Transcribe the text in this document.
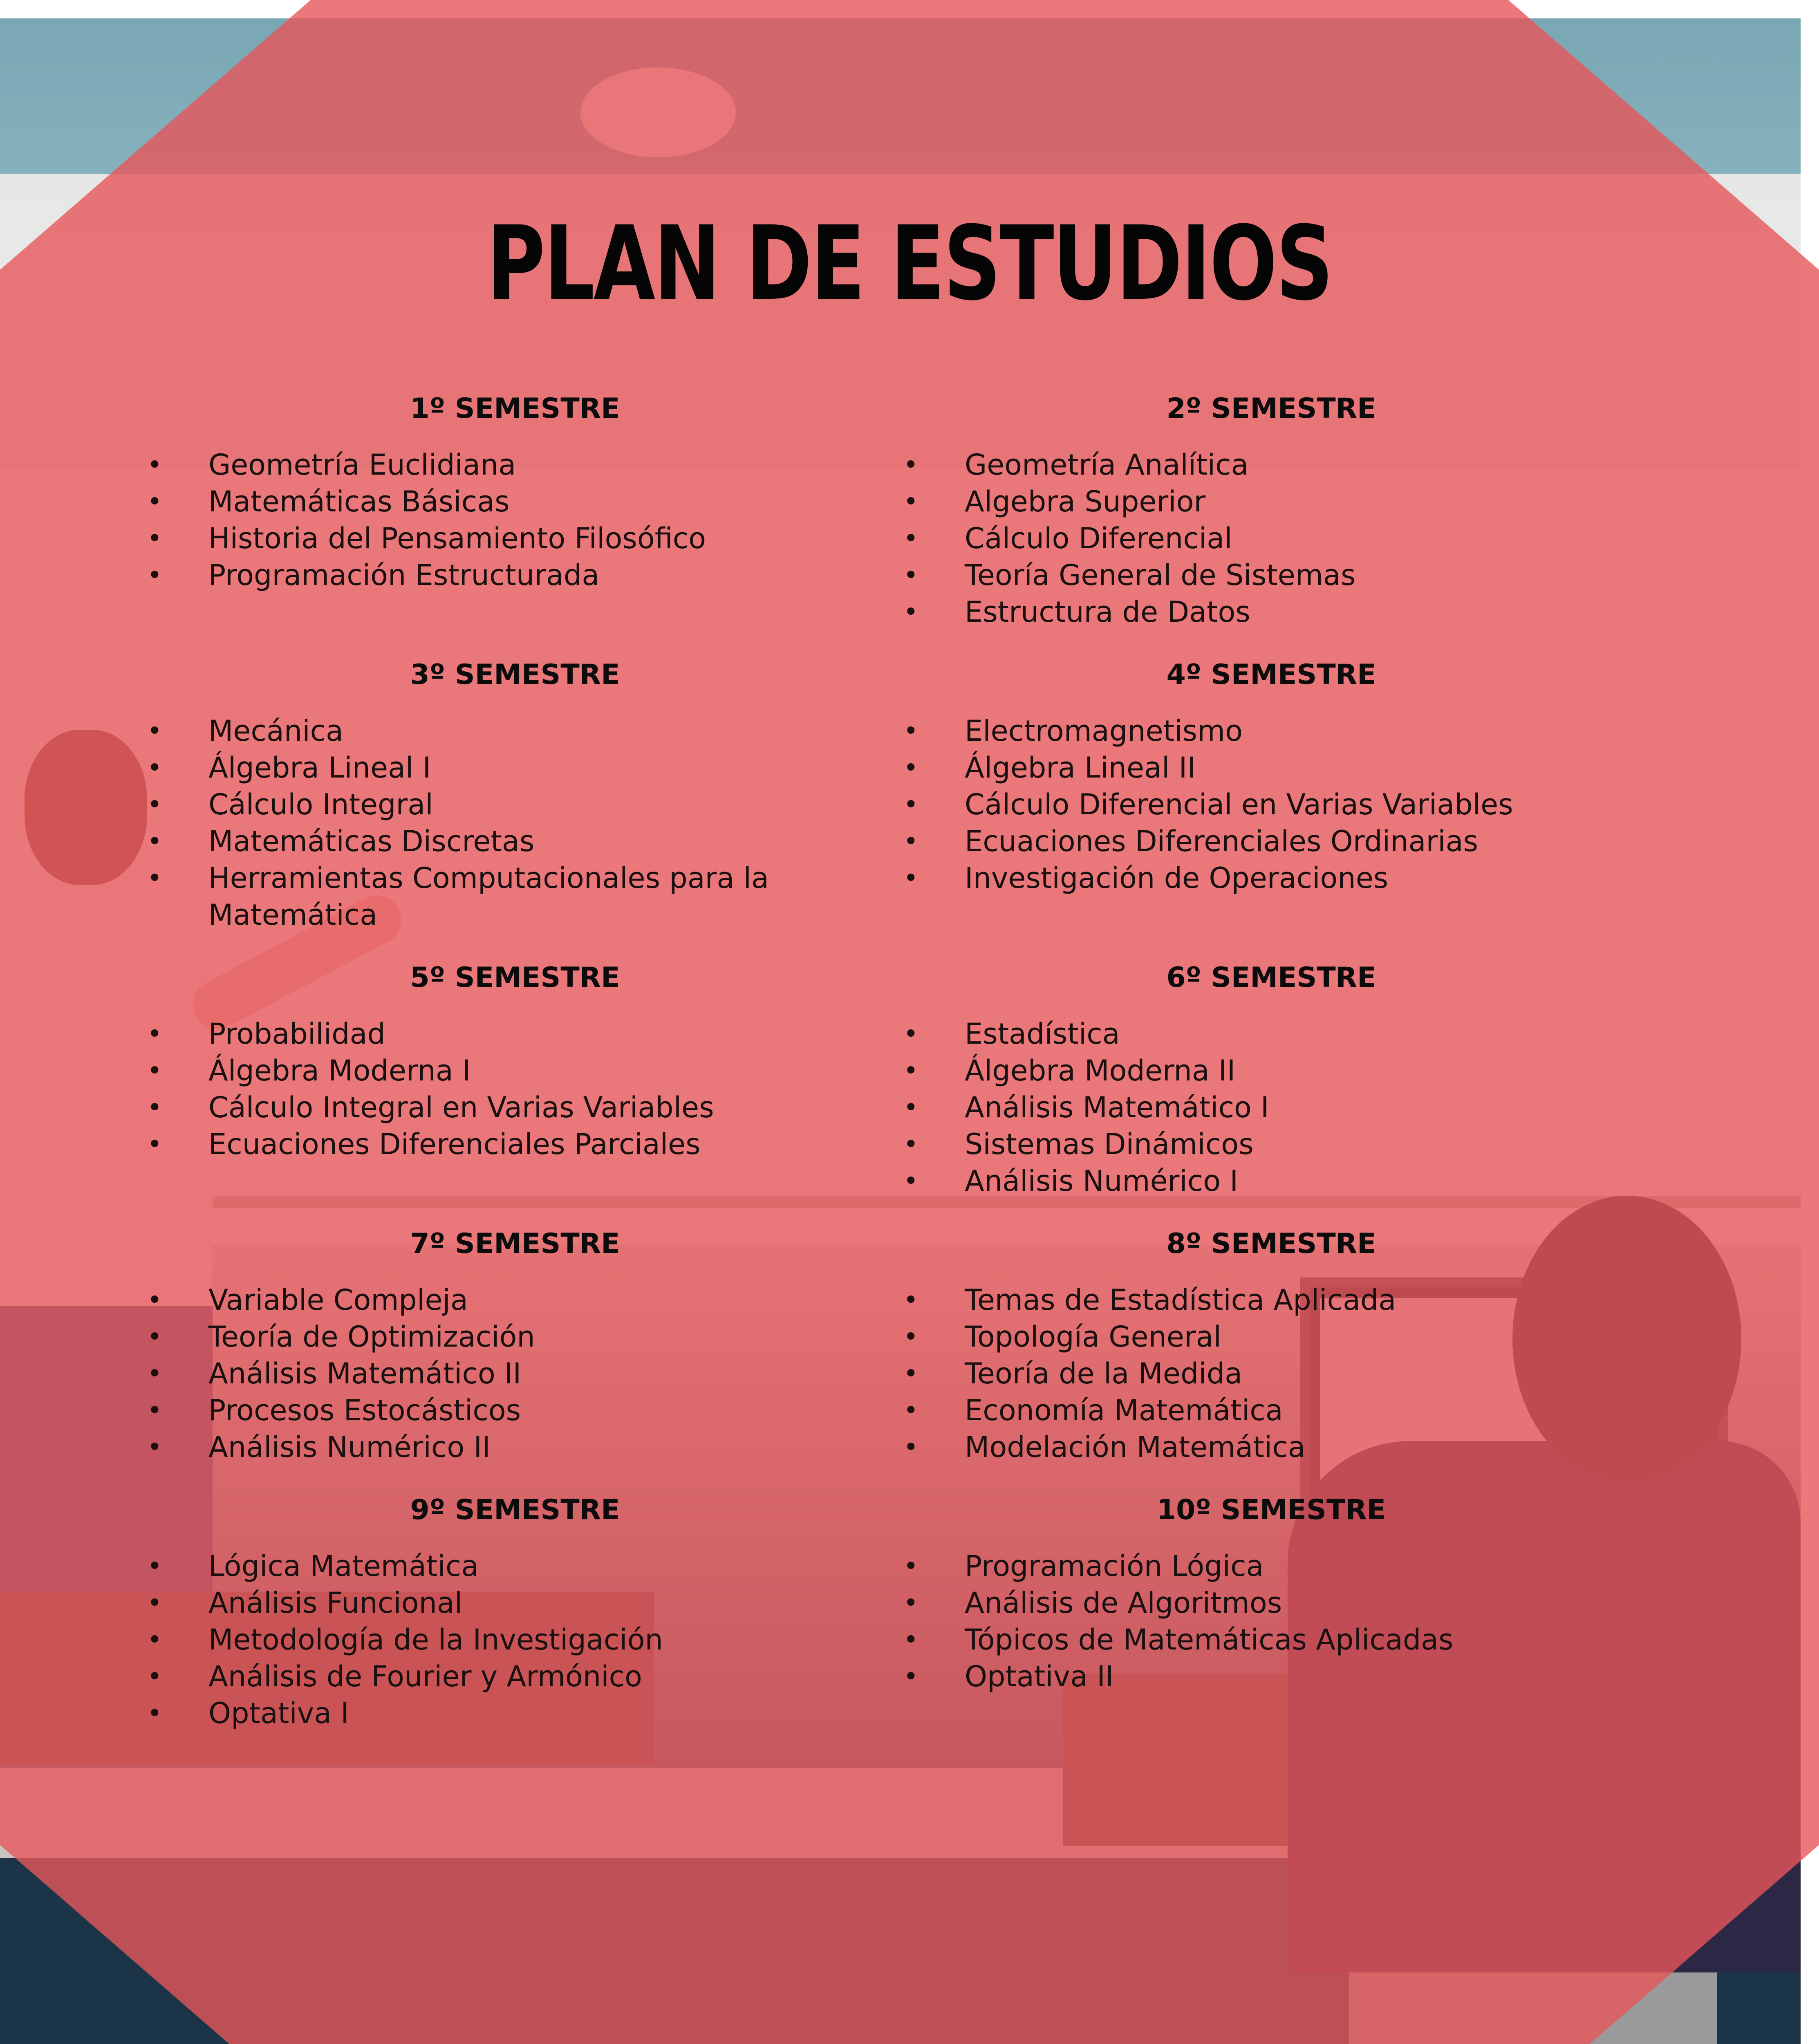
PLAN DE ESTUDIOS
1º SEMESTRE
• Geometría Euclidiana
• Matemáticas Básicas
• Historia del Pensamiento Filosófico
• Programación Estructurada
2º SEMESTRE
• Geometría Analítica
• Algebra Superior
• Cálculo Diferencial
• Teoría General de Sistemas
• Estructura de Datos
3º SEMESTRE
• Mecánica
• Álgebra Lineal I
• Cálculo Integral
• Matemáticas Discretas
• Herramientas Computacionales para la Matemática
4º SEMESTRE
• Electromagnetismo
• Álgebra Lineal II
• Cálculo Diferencial en Varias Variables
• Ecuaciones Diferenciales Ordinarias
• Investigación de Operaciones
5º SEMESTRE
• Probabilidad
• Álgebra Moderna I
• Cálculo Integral en Varias Variables
• Ecuaciones Diferenciales Parciales
6º SEMESTRE
• Estadística
• Álgebra Moderna II
• Análisis Matemático I
• Sistemas Dinámicos
• Análisis Numérico I
7º SEMESTRE
• Variable Compleja
• Teoría de Optimización
• Análisis Matemático II
• Procesos Estocásticos
• Análisis Numérico II
8º SEMESTRE
• Temas de Estadística Aplicada
• Topología General
• Teoría de la Medida
• Economía Matemática
• Modelación Matemática
9º SEMESTRE
• Lógica Matemática
• Análisis Funcional
• Metodología de la Investigación
• Análisis de Fourier y Armónico
• Optativa I
10º SEMESTRE
• Programación Lógica
• Análisis de Algoritmos
• Tópicos de Matemáticas Aplicadas
• Optativa II
